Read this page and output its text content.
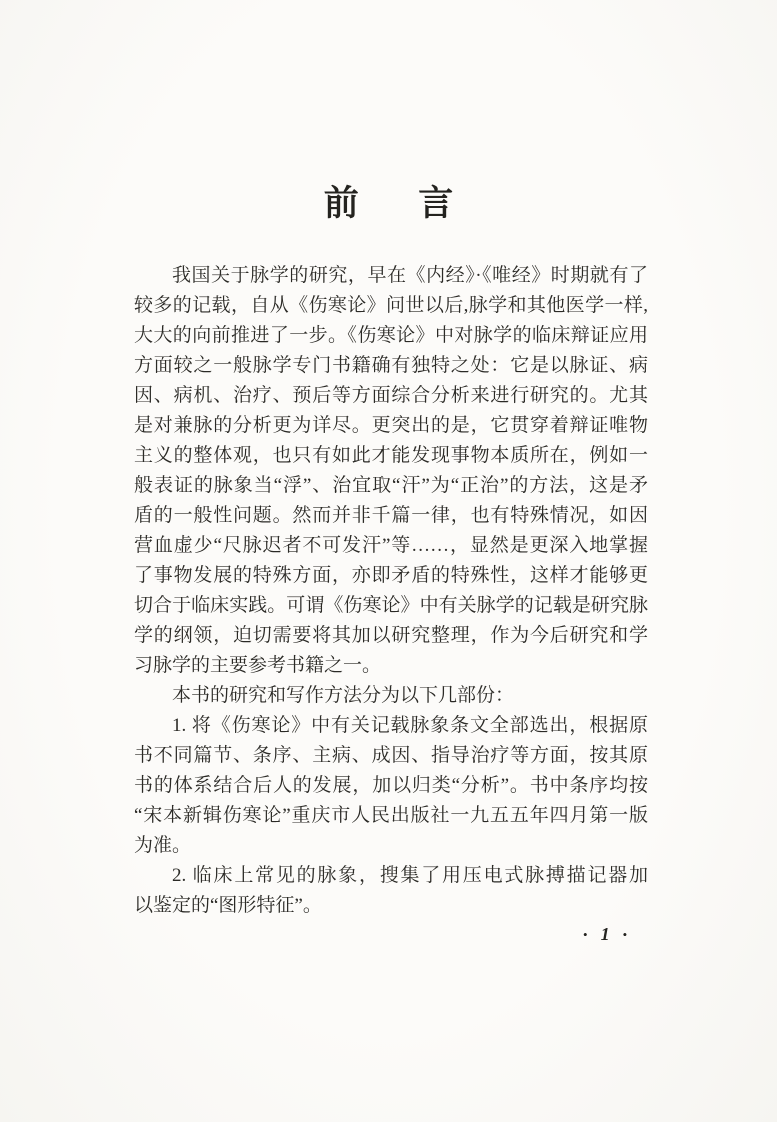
前　言
我国关于脉学的研究，早在《内经》·《唯经》时期就有了
较多的记载，自从《伤寒论》问世以后,脉学和其他医学一样,
大大的向前推进了一步。《伤寒论》中对脉学的临床辩证应用
方面较之一般脉学专门书籍确有独特之处：它是以脉证、病
因、病机、治疗、预后等方面综合分析来进行研究的。尤其
是对兼脉的分析更为详尽。更突出的是，它贯穿着辩证唯物
主义的整体观，也只有如此才能发现事物本质所在，例如一
般表证的脉象当“浮”、治宜取“汗”为“正治”的方法，这是矛
盾的一般性问题。然而并非千篇一律，也有特殊情况，如因
营血虚少“尺脉迟者不可发汗”等……，显然是更深入地掌握
了事物发展的特殊方面，亦即矛盾的特殊性，这样才能够更
切合于临床实践。可谓《伤寒论》中有关脉学的记载是研究脉
学的纲领，迫切需要将其加以研究整理，作为今后研究和学
习脉学的主要参考书籍之一。
本书的研究和写作方法分为以下几部份：
1. 将《伤寒论》中有关记载脉象条文全部选出，根据原
书不同篇节、条序、主病、成因、指导治疗等方面，按其原
书的体系结合后人的发展，加以归类“分析”。书中条序均按
“宋本新辑伤寒论”重庆市人民出版社一九五五年四月第一版
为准。
2. 临床上常见的脉象，搜集了用压电式脉搏描记器加
以鉴定的“图形特征”。
• 1 •
